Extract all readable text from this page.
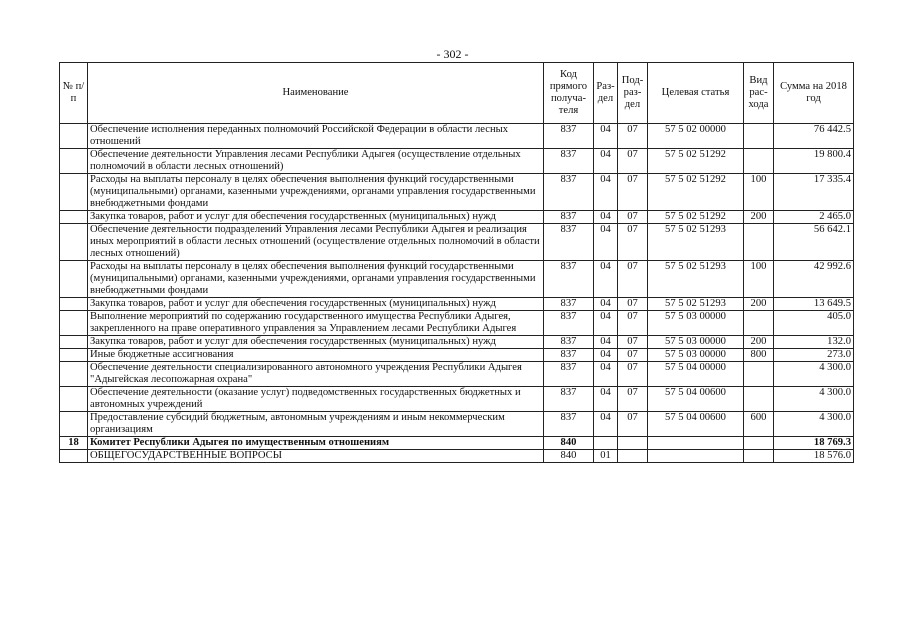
- 302 -
№ п/п	Наименование	Код прямого получа-теля	Раз-дел	Под-раз-дел	Целевая статья	Вид рас-хода	Сумма на 2018 год
	Обеспечение исполнения переданных полномочий Российской Федерации в области лесных отношений	837	04	07	57 5 02 00000		76 442.5
	Обеспечение деятельности Управления лесами Республики Адыгея (осуществление отдельных полномочий в области лесных отношений)	837	04	07	57 5 02 51292		19 800.4
	Расходы на выплаты персоналу в целях обеспечения выполнения функций государственными (муниципальными) органами, казенными учреждениями, органами управления государственными внебюджетными фондами	837	04	07	57 5 02 51292	100	17 335.4
	Закупка товаров, работ и услуг для обеспечения государственных (муниципальных) нужд	837	04	07	57 5 02 51292	200	2 465.0
	Обеспечение деятельности подразделений Управления лесами Республики Адыгея и реализация иных мероприятий в области лесных отношений (осуществление отдельных полномочий в области лесных отношений)	837	04	07	57 5 02 51293		56 642.1
	Расходы на выплаты персоналу в целях обеспечения выполнения функций государственными (муниципальными) органами, казенными учреждениями, органами управления государственными внебюджетными фондами	837	04	07	57 5 02 51293	100	42 992.6
	Закупка товаров, работ и услуг для обеспечения государственных (муниципальных) нужд	837	04	07	57 5 02 51293	200	13 649.5
	Выполнение мероприятий по содержанию государственного имущества Республики Адыгея, закрепленного на праве оперативного управления за Управлением лесами Республики Адыгея	837	04	07	57 5 03 00000		405.0
	Закупка товаров, работ и услуг для обеспечения государственных (муниципальных) нужд	837	04	07	57 5 03 00000	200	132.0
	Иные бюджетные ассигнования	837	04	07	57 5 03 00000	800	273.0
	Обеспечение деятельности специализированного автономного учреждения Республики Адыгея "Адыгейская лесопожарная охрана"	837	04	07	57 5 04 00000		4 300.0
	Обеспечение деятельности (оказание услуг) подведомственных государственных бюджетных и автономных учреждений	837	04	07	57 5 04 00600		4 300.0
	Предоставление субсидий бюджетным, автономным учреждениям и иным некоммерческим организациям	837	04	07	57 5 04 00600	600	4 300.0
18	Комитет Республики Адыгея по имущественным отношениям	840					18 769.3
	ОБЩЕГОСУДАРСТВЕННЫЕ ВОПРОСЫ	840	01				18 576.0
